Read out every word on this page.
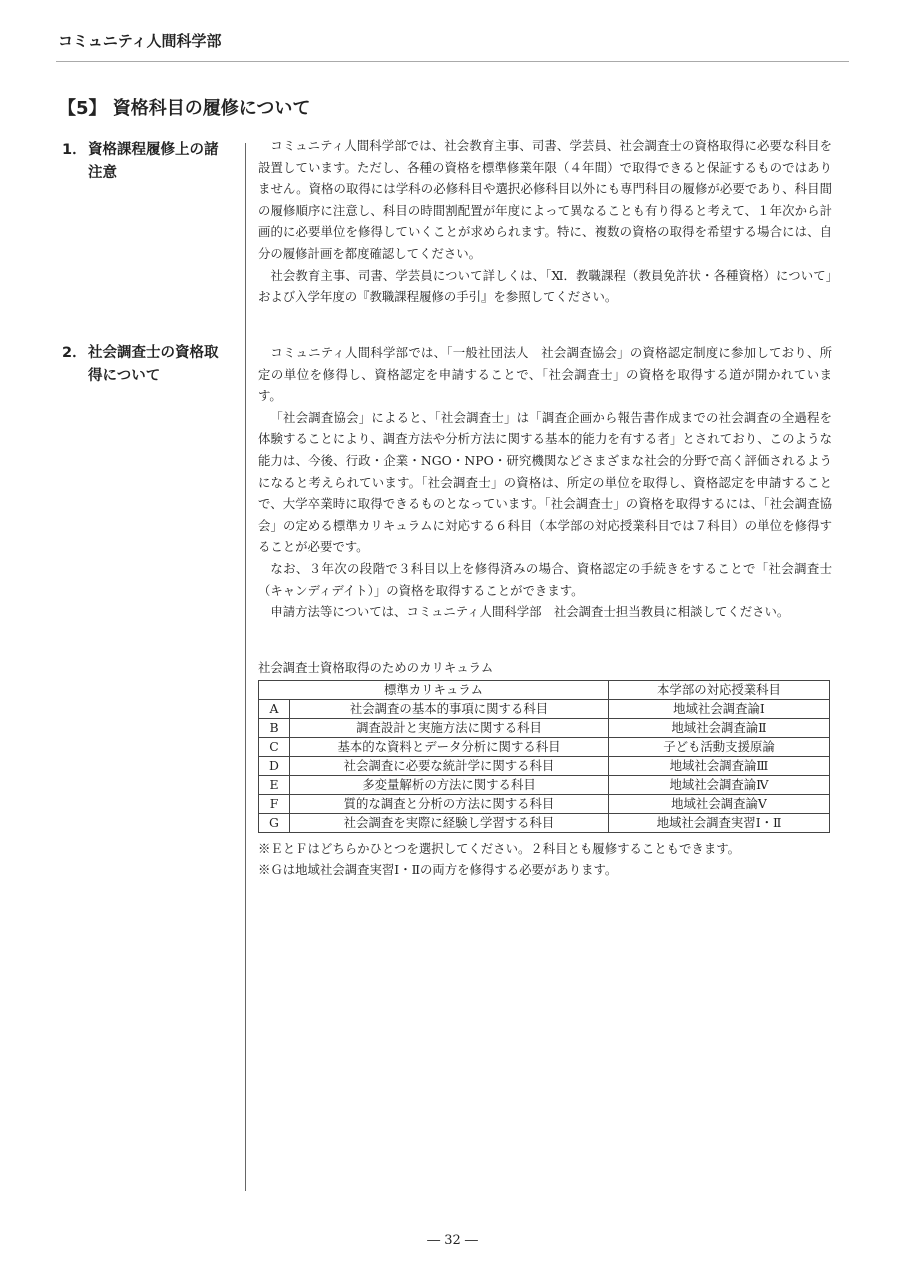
コミュニティ人間科学部
【5】 資格科目の履修について
1．資格課程履修上の諸
注意

コミュニティ人間科学部では、社会教育主事、司書、学芸員、社会調査士の資格取得に必要な科目を設置しています。ただし、各種の資格を標準修業年限（４年間）で取得できると保証するものではありません。資格の取得には学科の必修科目や選択必修科目以外にも専門科目の履修が必要であり、科目間の履修順序に注意し、科目の時間割配置が年度によって異なることも有り得ると考えて、１年次から計画的に必要単位を修得していくことが求められます。特に、複数の資格の取得を希望する場合には、自分の履修計画を都度確認してください。

社会教育主事、司書、学芸員について詳しくは、「Ⅺ．教職課程（教員免許状・各種資格）について」および入学年度の『教職課程履修の手引』を参照してください。

2．社会調査士の資格取
得について

コミュニティ人間科学部では、「一般社団法人　社会調査協会」の資格認定制度に参加しており、所定の単位を修得し、資格認定を申請することで、「社会調査士」の資格を取得する道が開かれています。

「社会調査協会」によると、「社会調査士」は「調査企画から報告書作成までの社会調査の全過程を体験することにより、調査方法や分析方法に関する基本的能力を有する者」とされており、このような能力は、今後、行政・企業・NGO・NPO・研究機関などさまざまな社会的分野で高く評価されるようになると考えられています。「社会調査士」の資格は、所定の単位を取得し、資格認定を申請することで、大学卒業時に取得できるものとなっています。「社会調査士」の資格を取得するには、「社会調査協会」の定める標準カリキュラムに対応する６科目（本学部の対応授業科目では７科目）の単位を修得することが必要です。

なお、３年次の段階で３科目以上を修得済みの場合、資格認定の手続きをすることで「社会調査士（キャンディデイト）」の資格を取得することができます。

申請方法等については、コミュニティ人間科学部　社会調査士担当教員に相談してください。

社会調査士資格取得のためのカリキュラム
標準カリキュラム		本学部の対応授業科目
A	社会調査の基本的事項に関する科目	地域社会調査論Ⅰ
B	調査設計と実施方法に関する科目	地域社会調査論Ⅱ
C	基本的な資料とデータ分析に関する科目	子ども活動支援原論
D	社会調査に必要な統計学に関する科目	地域社会調査論Ⅲ
E	多変量解析の方法に関する科目	地域社会調査論Ⅳ
F	質的な調査と分析の方法に関する科目	地域社会調査論Ⅴ
G	社会調査を実際に経験し学習する科目	地域社会調査実習Ⅰ・Ⅱ
※ＥとＦはどちらかひとつを選択してください。２科目とも履修することもできます。
※Ｇは地域社会調査実習Ⅰ・Ⅱの両方を修得する必要があります。
― 32 ―
